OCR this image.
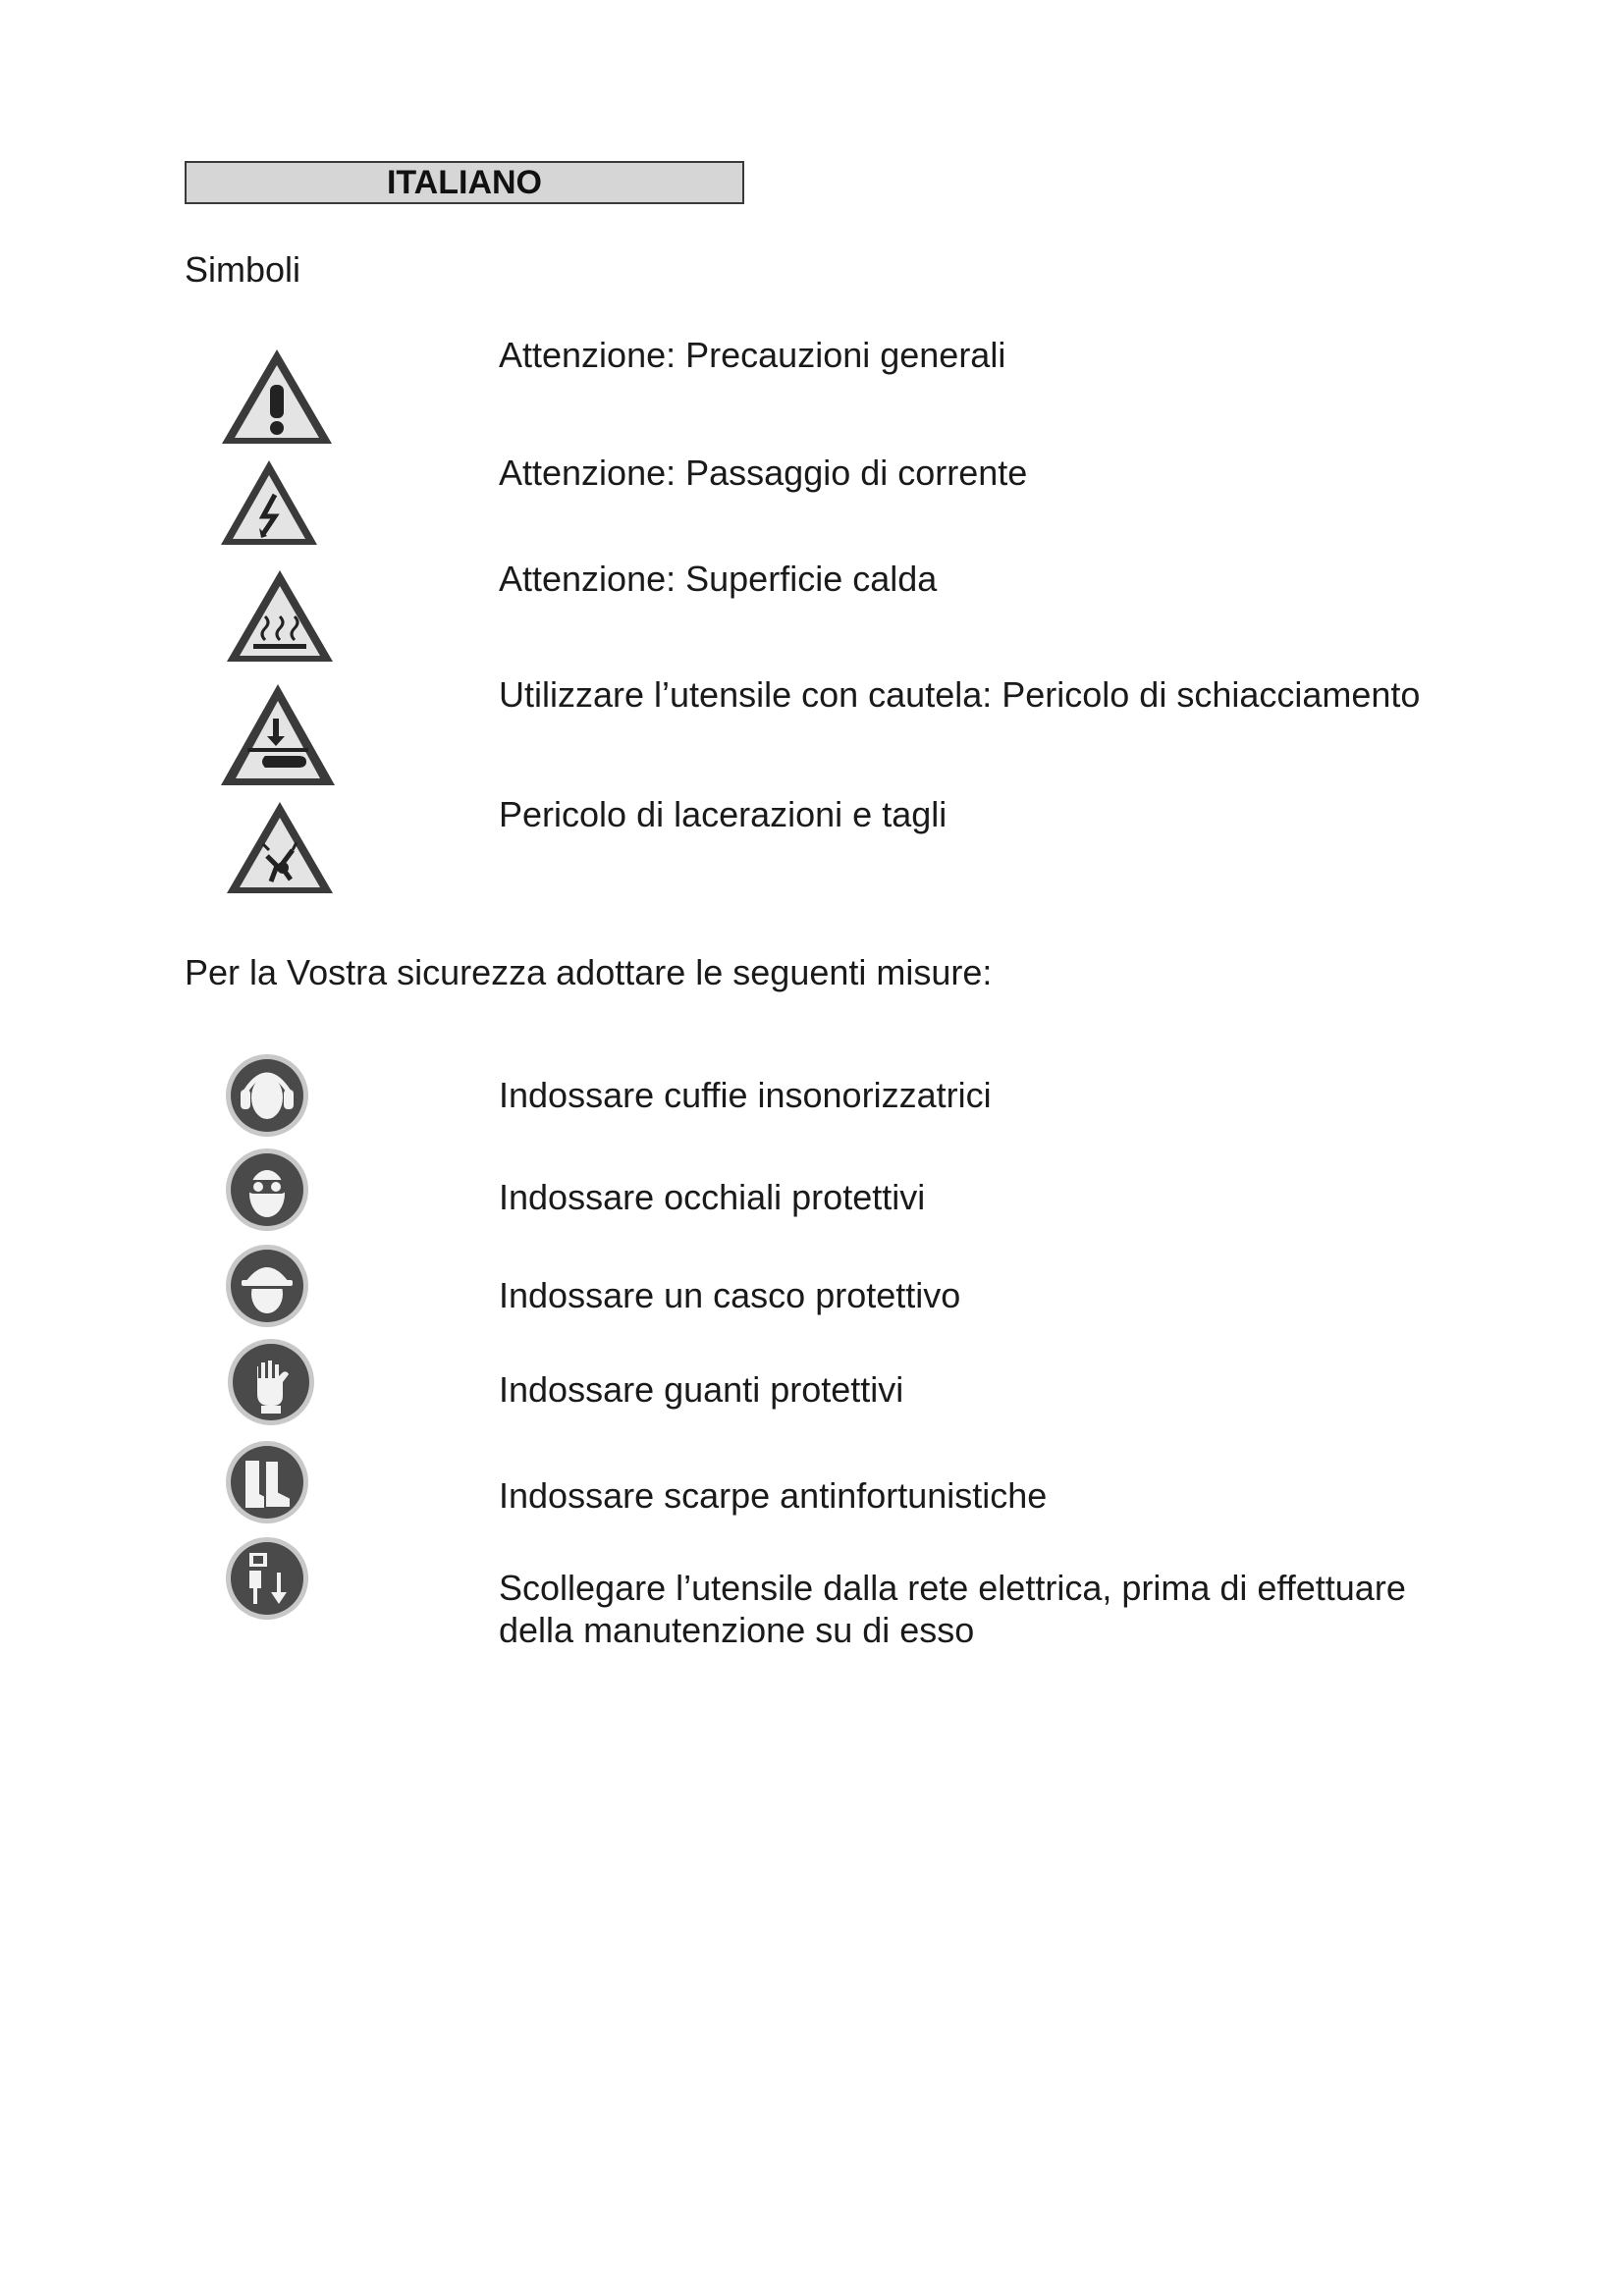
ITALIANO
Simboli
Attenzione: Precauzioni generali
Attenzione: Passaggio di corrente
Attenzione: Superficie calda
Utilizzare l’utensile con cautela: Pericolo di schiacciamento
Pericolo di lacerazioni e tagli
Per la Vostra sicurezza adottare le seguenti misure:
Indossare cuffie insonorizzatrici
Indossare occhiali protettivi
Indossare un casco protettivo
Indossare guanti protettivi
Indossare scarpe antinfortunistiche
Scollegare l’utensile dalla rete elettrica, prima di effettuare della manutenzione su di esso
